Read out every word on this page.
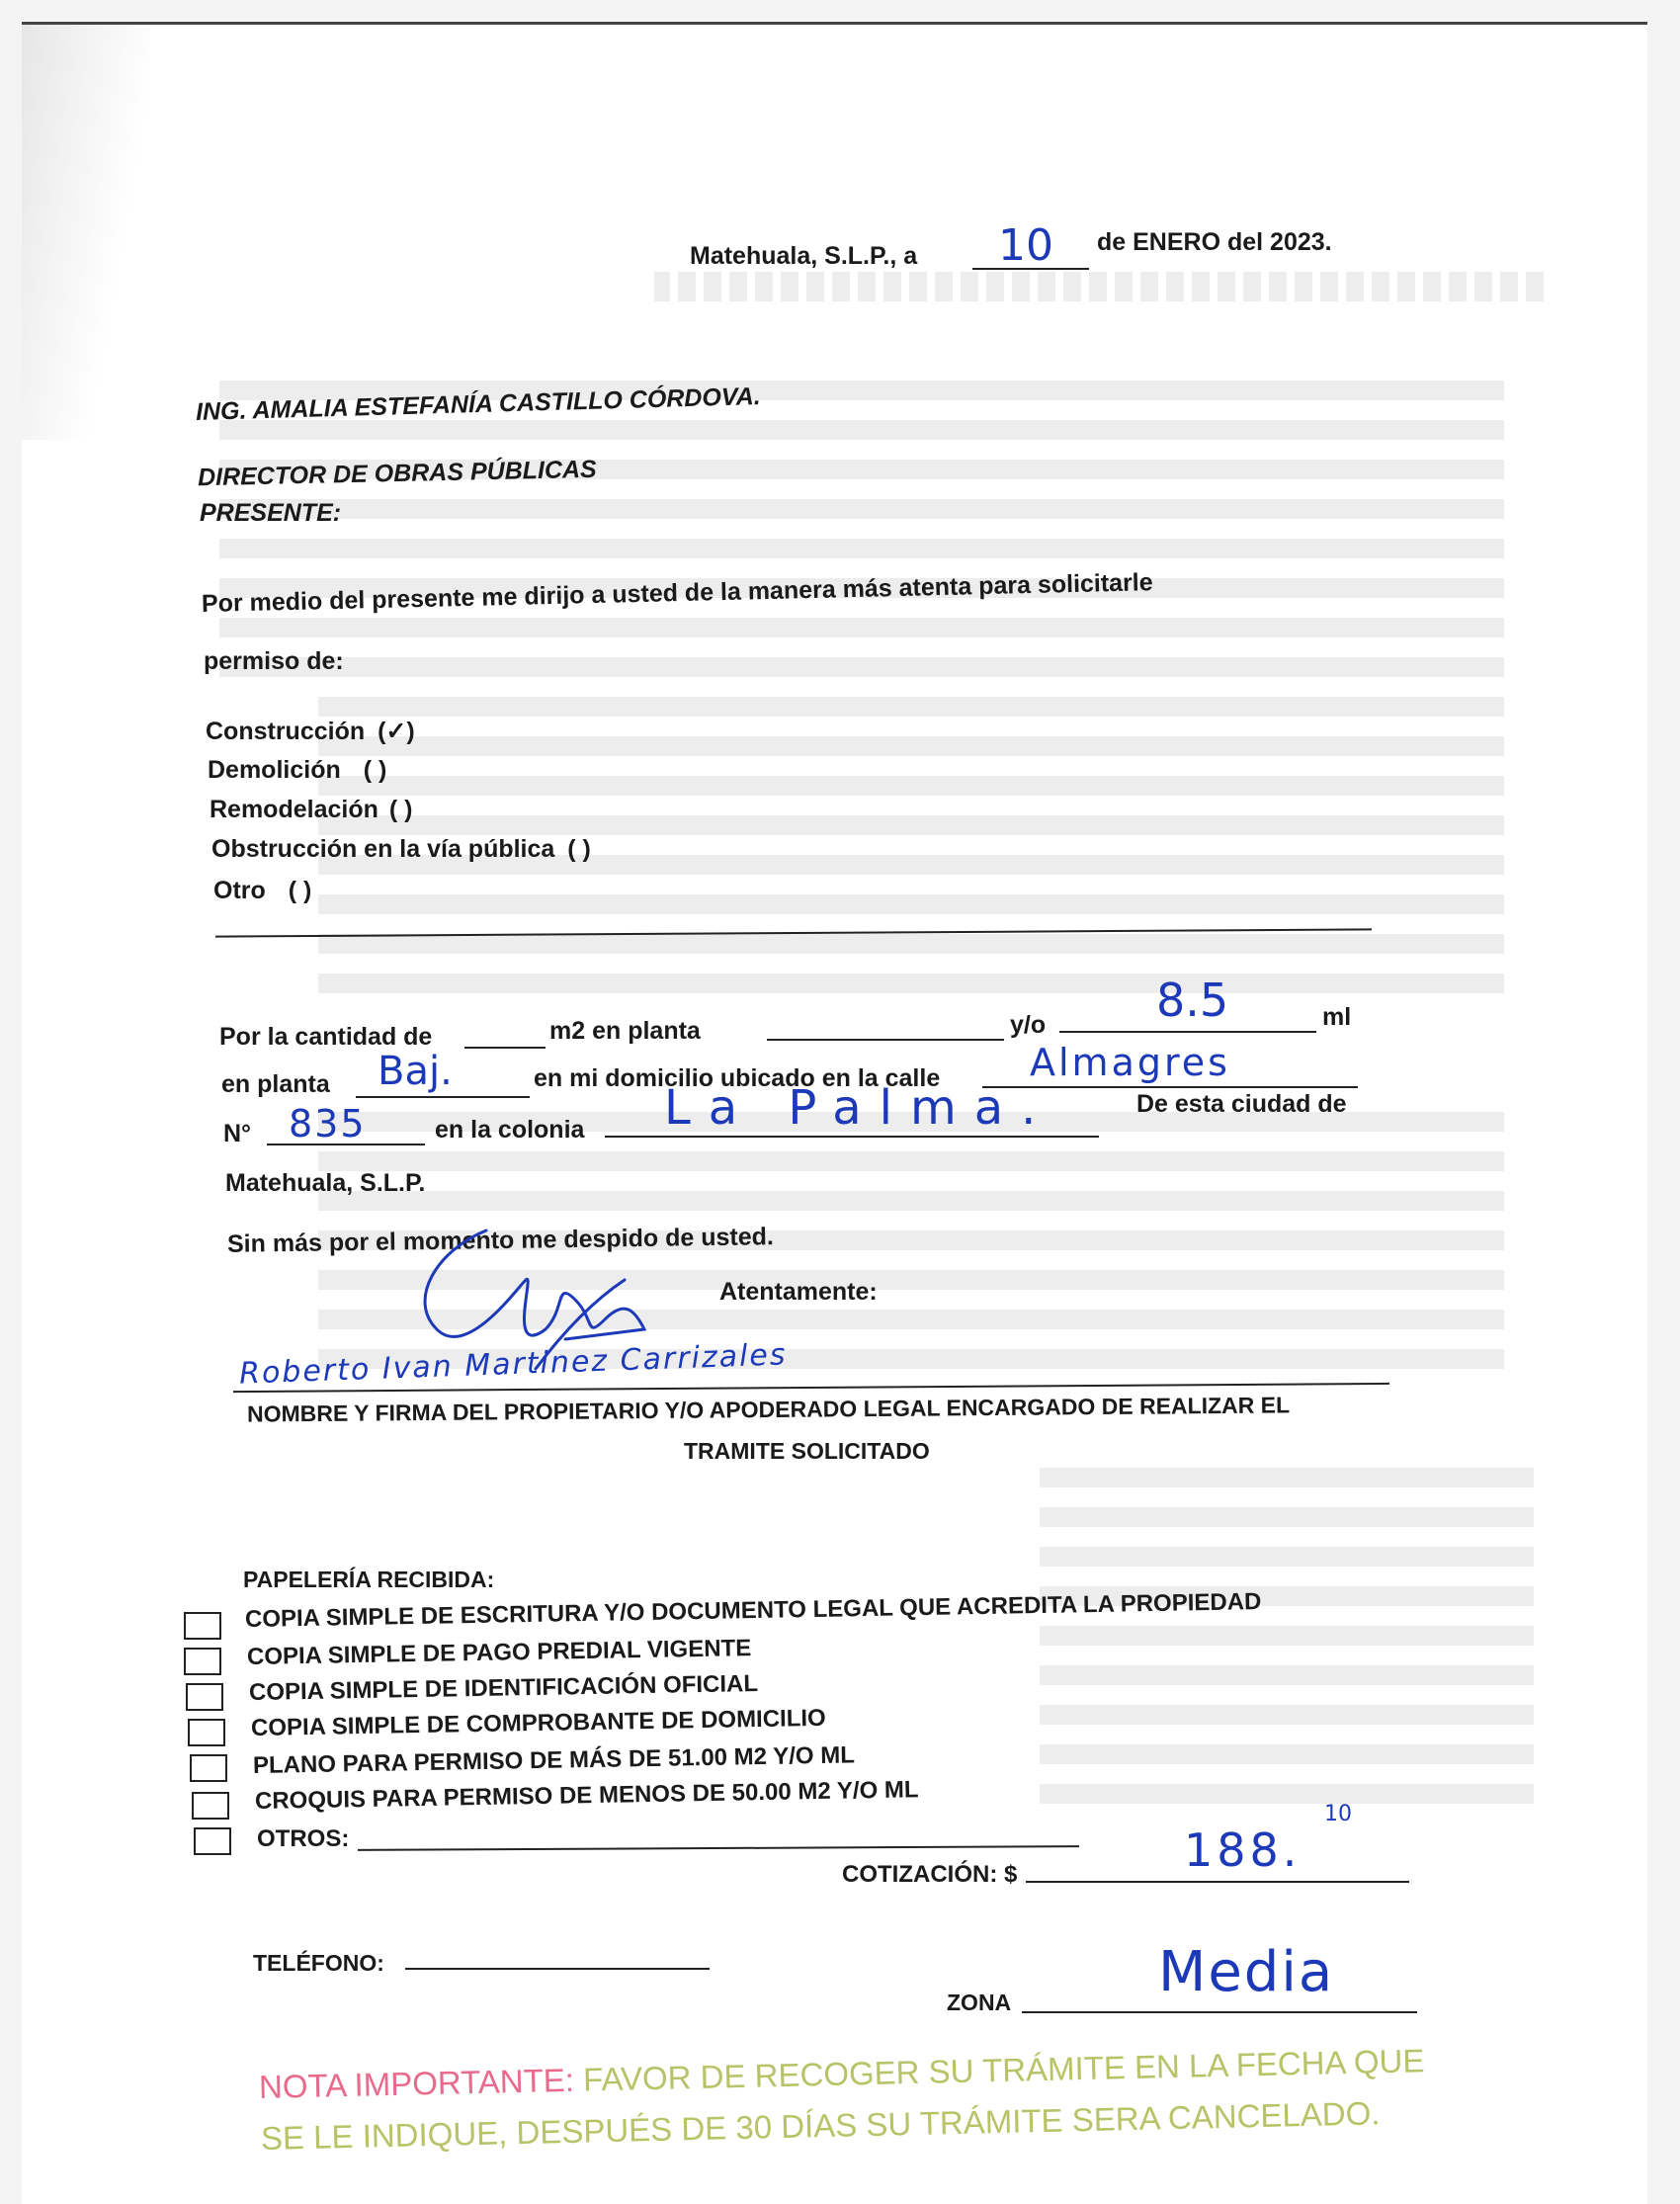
Matehuala, S.L.P., a 10 de ENERO del 2023.
ING. AMALIA ESTEFANÍA CASTILLO CÓRDOVA.
DIRECTOR DE OBRAS PÚBLICAS
PRESENTE:
Por medio del presente me dirijo a usted de la manera más atenta para solicitarle
permiso de:
Construcción (✓)
Demolición ( )
Remodelación ( )
Obstrucción en la vía pública ( )
Otro ( )
Por la cantidad de	m2 en planta	y/o 8.5	ml
en planta Baj.	en mi domicilio ubicado en la calle Almagres
N° 835	en la colonia La Palma.	De esta ciudad de
Matehuala, S.L.P.
Sin más por el momento me despido de usted.
Atentamente:
Roberto Ivan Martinez Carrizales
NOMBRE Y FIRMA DEL PROPIETARIO Y/O APODERADO LEGAL ENCARGADO DE REALIZAR EL
TRAMITE SOLICITADO
PAPELERÍA RECIBIDA:
COPIA SIMPLE DE ESCRITURA Y/O DOCUMENTO LEGAL QUE ACREDITA LA PROPIEDAD
COPIA SIMPLE DE PAGO PREDIAL VIGENTE
COPIA SIMPLE DE IDENTIFICACIÓN OFICIAL
COPIA SIMPLE DE COMPROBANTE DE DOMICILIO
PLANO PARA PERMISO DE MÁS DE 51.00 M2 Y/O ML
CROQUIS PARA PERMISO DE MENOS DE 50.00 M2 Y/O ML
OTROS:
COTIZACIÓN: $	188.
10
TELÉFONO:
ZONA	Media
NOTA IMPORTANTE: FAVOR DE RECOGER SU TRÁMITE EN LA FECHA QUE
SE LE INDIQUE, DESPUÉS DE 30 DÍAS SU TRÁMITE SERA CANCELADO.
